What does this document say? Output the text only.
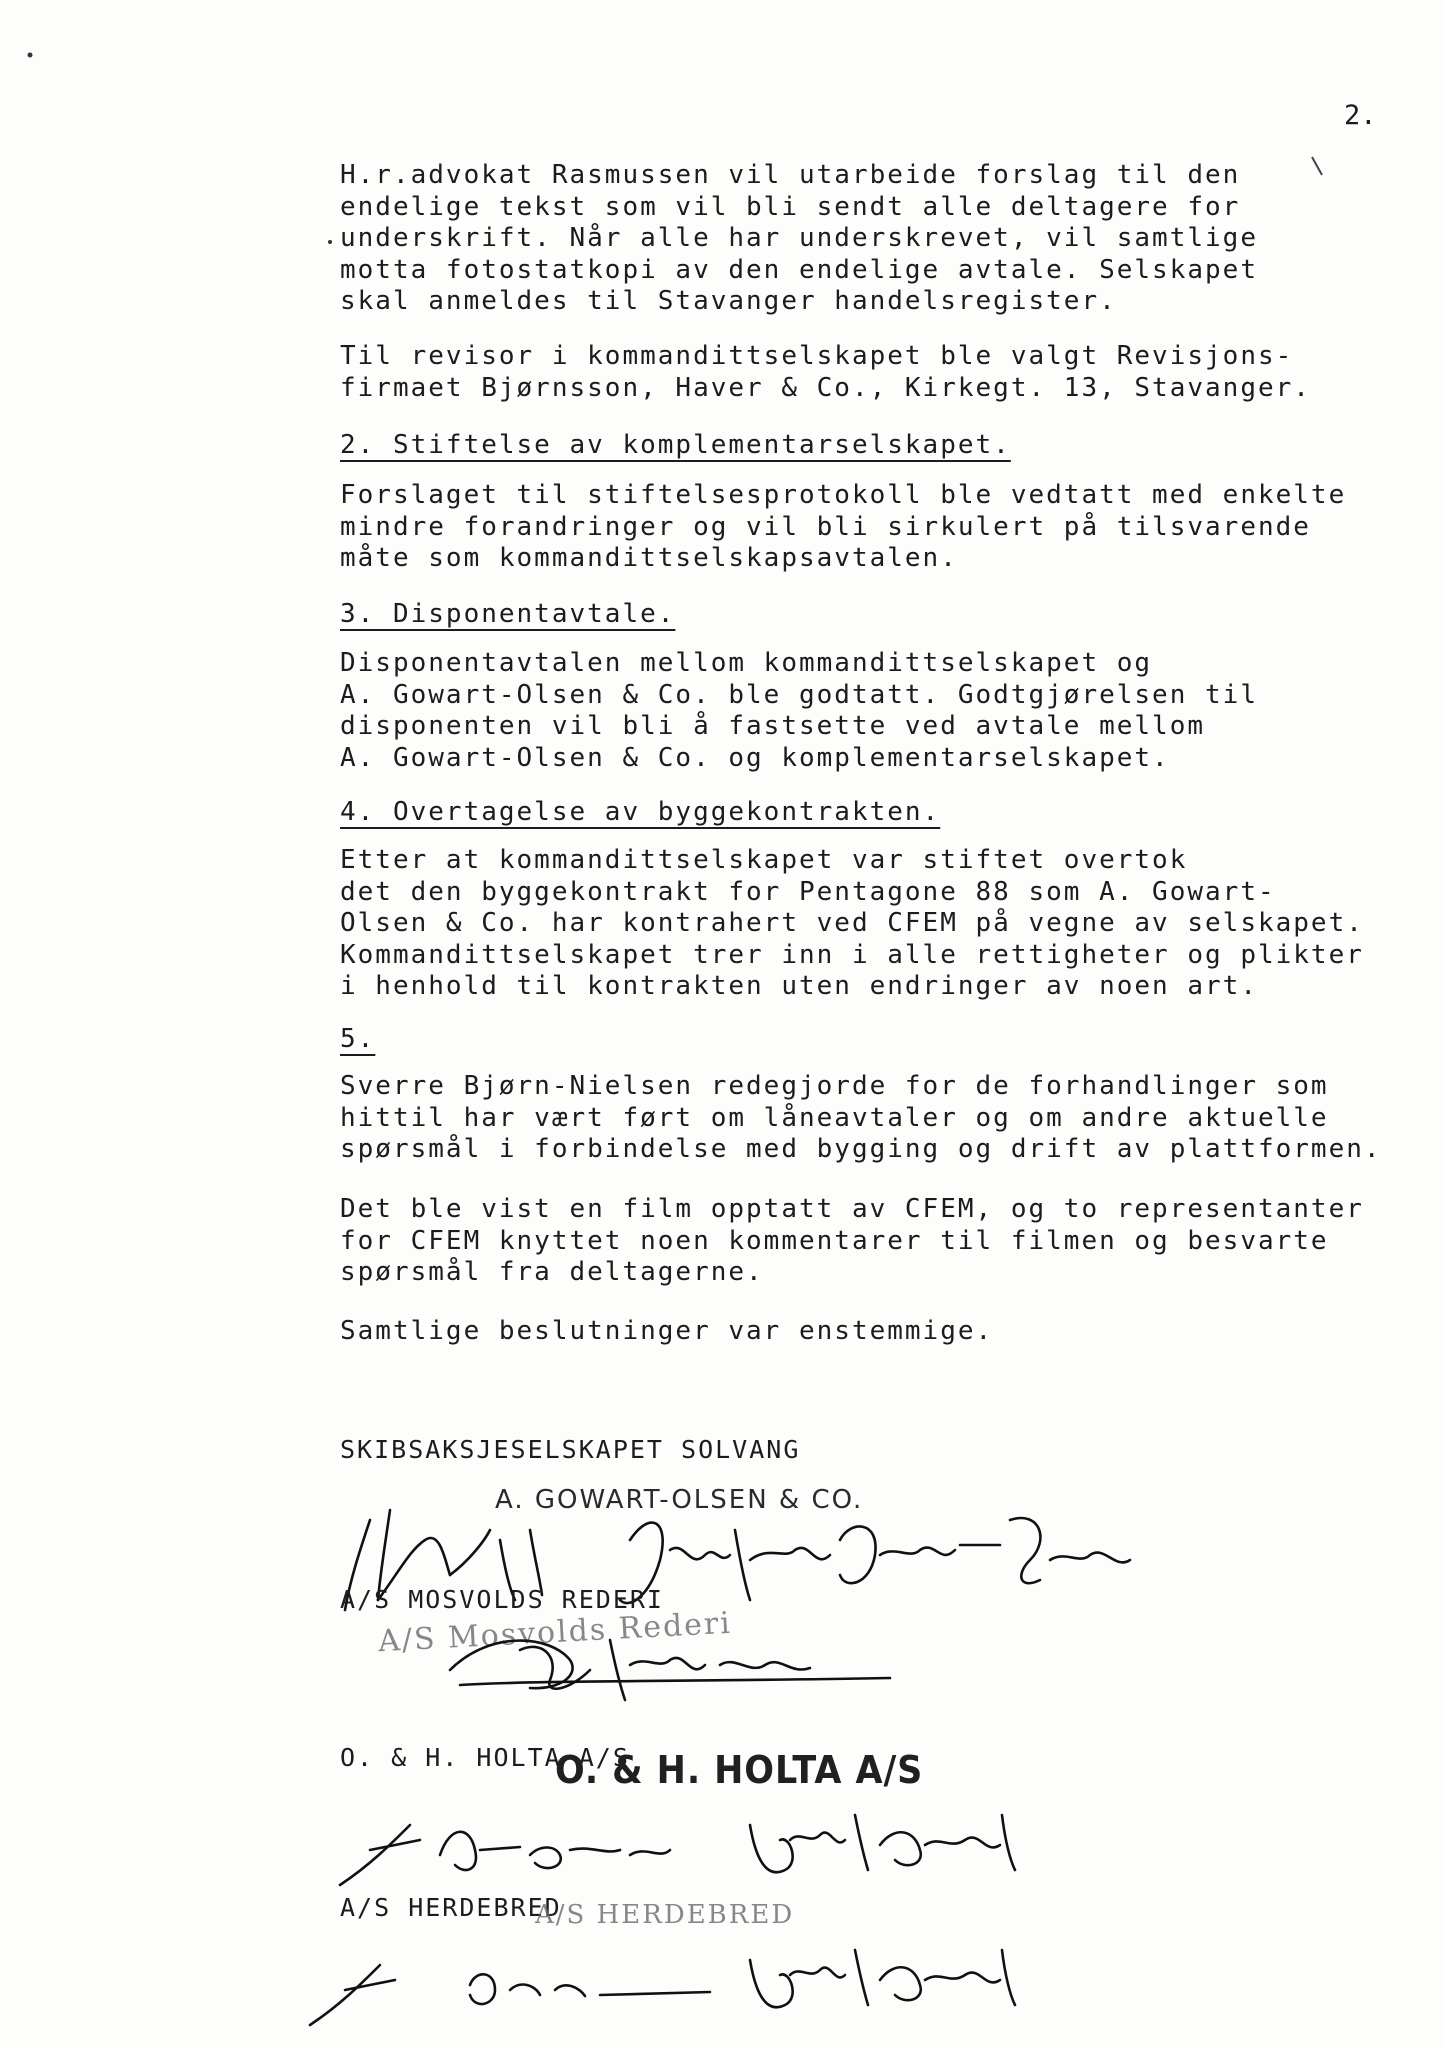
2.
H.r.advokat Rasmussen vil utarbeide forslag til den
endelige tekst som vil bli sendt alle deltagere for
underskrift. Når alle har underskrevet, vil samtlige
motta fotostatkopi av den endelige avtale. Selskapet
skal anmeldes til Stavanger handelsregister.
Til revisor i kommandittselskapet ble valgt Revisjons-
firmaet Bjørnsson, Haver & Co., Kirkegt. 13, Stavanger.
2. Stiftelse av komplementarselskapet.
Forslaget til stiftelsesprotokoll ble vedtatt med enkelte
mindre forandringer og vil bli sirkulert på tilsvarende
måte som kommandittselskapsavtalen.
3. Disponentavtale.
Disponentavtalen mellom kommandittselskapet og
A. Gowart-Olsen & Co. ble godtatt. Godtgjørelsen til
disponenten vil bli å fastsette ved avtale mellom
A. Gowart-Olsen & Co. og komplementarselskapet.
4. Overtagelse av byggekontrakten.
Etter at kommandittselskapet var stiftet overtok
det den byggekontrakt for Pentagone 88 som A. Gowart-
Olsen & Co. har kontrahert ved CFEM på vegne av selskapet.
Kommandittselskapet trer inn i alle rettigheter og plikter
i henhold til kontrakten uten endringer av noen art.
5.
Sverre Bjørn-Nielsen redegjorde for de forhandlinger som
hittil har vært ført om låneavtaler og om andre aktuelle
spørsmål i forbindelse med bygging og drift av plattformen.
Det ble vist en film opptatt av CFEM, og to representanter
for CFEM knyttet noen kommentarer til filmen og besvarte
spørsmål fra deltagerne.
Samtlige beslutninger var enstemmige.
SKIBSAKSJESELSKAPET SOLVANG
A. GOWART-OLSEN & CO.
A/S MOSVOLDS REDERI
A/S Mosvolds Rederi
O. & H. HOLTA A/S
O. & H. HOLTA A/S
A/S HERDEBRED
A/S HERDEBRED
